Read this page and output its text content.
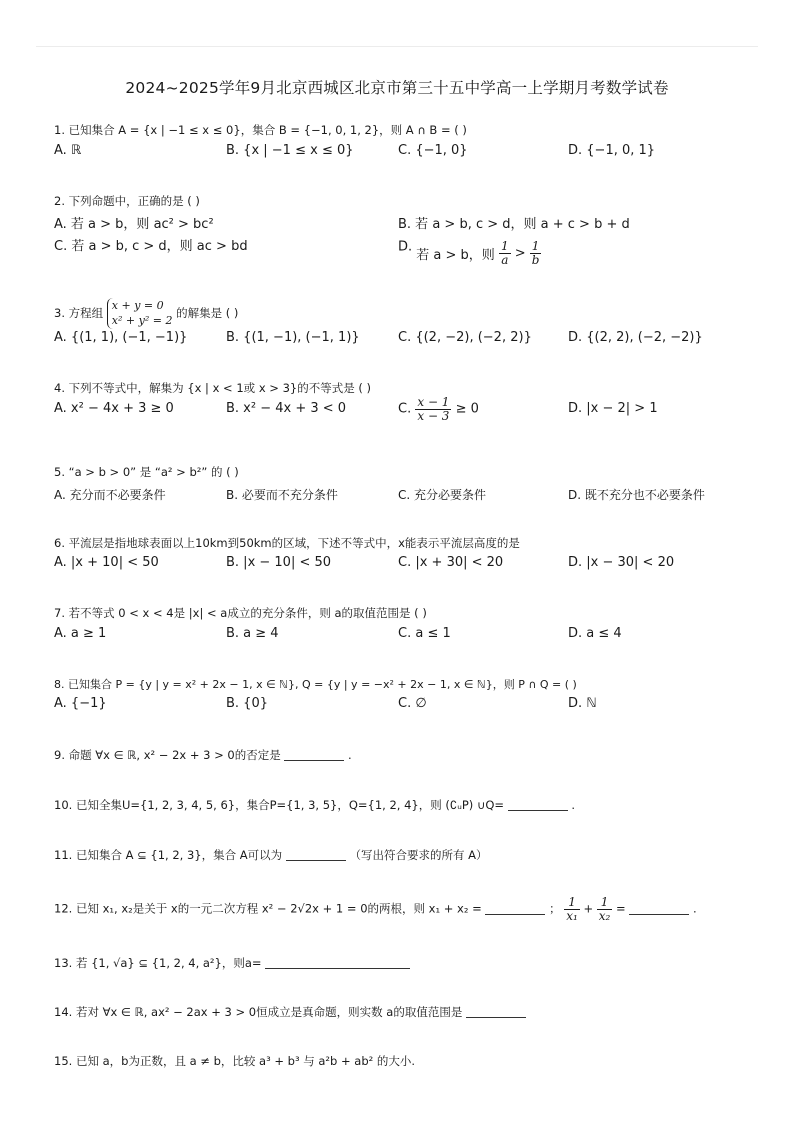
2024~2025学年9月北京西城区北京市第三十五中学高一上学期月考数学试卷
1. 已知集合 A = {x | −1 ≤ x ≤ 0}，集合 B = {−1, 0, 1, 2}，则 A ∩ B = ( )
A. ℝ	B. {x | −1 ≤ x ≤ 0}	C. {−1, 0}	D. {−1, 0, 1}
2. 下列命题中，正确的是 ( )
A. 若 a > b，则 ac² > bc²	B. 若 a > b, c > d，则 a + c > b + d
C. 若 a > b, c > d，则 ac > bd	D. 若 a > b，则 $\frac{1}{a} > \frac{1}{b}$
3. 方程组
x + y = 0
x² + y² = 2
的解集是 ( )
A. {(1, 1), (−1, −1)}	B. {(1, −1), (−1, 1)}	C. {(2, −2), (−2, 2)}	D. {(2, 2), (−2, −2)}
4. 下列不等式中，解集为 {x | x < 1或 x > 3}的不等式是 ( )
A. x² − 4x + 3 ≥ 0	B. x² − 4x + 3 < 0	C. $\frac{x - 1}{x - 3} \ge 0$	D. |x − 2| > 1
5. “a > b > 0” 是 “a² > b²” 的 ( )
A. 充分而不必要条件	B. 必要而不充分条件	C. 充分必要条件	D. 既不充分也不必要条件
6. 平流层是指地球表面以上10km到50km的区域，下述不等式中，x能表示平流层高度的是
A. |x + 10| < 50	B. |x − 10| < 50	C. |x + 30| < 20	D. |x − 30| < 20
7. 若不等式 0 < x < 4是 |x| < a成立的充分条件，则 a的取值范围是 ( )
A. a ≥ 1	B. a ≥ 4	C. a ≤ 1	D. a ≤ 4
8. 已知集合 P = {y | y = x² + 2x − 1, x ∈ ℕ}, Q = {y | y = −x² + 2x − 1, x ∈ ℕ}，则 P ∩ Q = ( )
A. {−1}	B. {0}	C. ∅	D. ℕ
9. 命题 ∀x ∈ ℝ, x² − 2x + 3 > 0的否定是	.
10. 已知全集U={1, 2, 3, 4, 5, 6}，集合P={1, 3, 5}，Q={1, 2, 4}，则 (∁ᵤP) ∪Q=	.
11. 已知集合 A ⊆ {1, 2, 3}，集合 A可以为	（写出符合要求的所有 A）
12. 已知 x₁, x₂是关于 x的一元二次方程 x² − 2√2x + 1 = 0的两根，则 x₁ + x₂ =	； $\frac{1}{\text{x₁}} + \frac{1}{\text{x₂}}$ =	.
13. 若 {1, √a} ⊆ {1, 2, 4, a²}，则a=
14. 若对 ∀x ∈ ℝ, ax² − 2ax + 3 > 0恒成立是真命题，则实数 a的取值范围是
15. 已知 a，b为正数，且 a ≠ b，比较 a³ + b³ 与 a²b + ab² 的大小.
